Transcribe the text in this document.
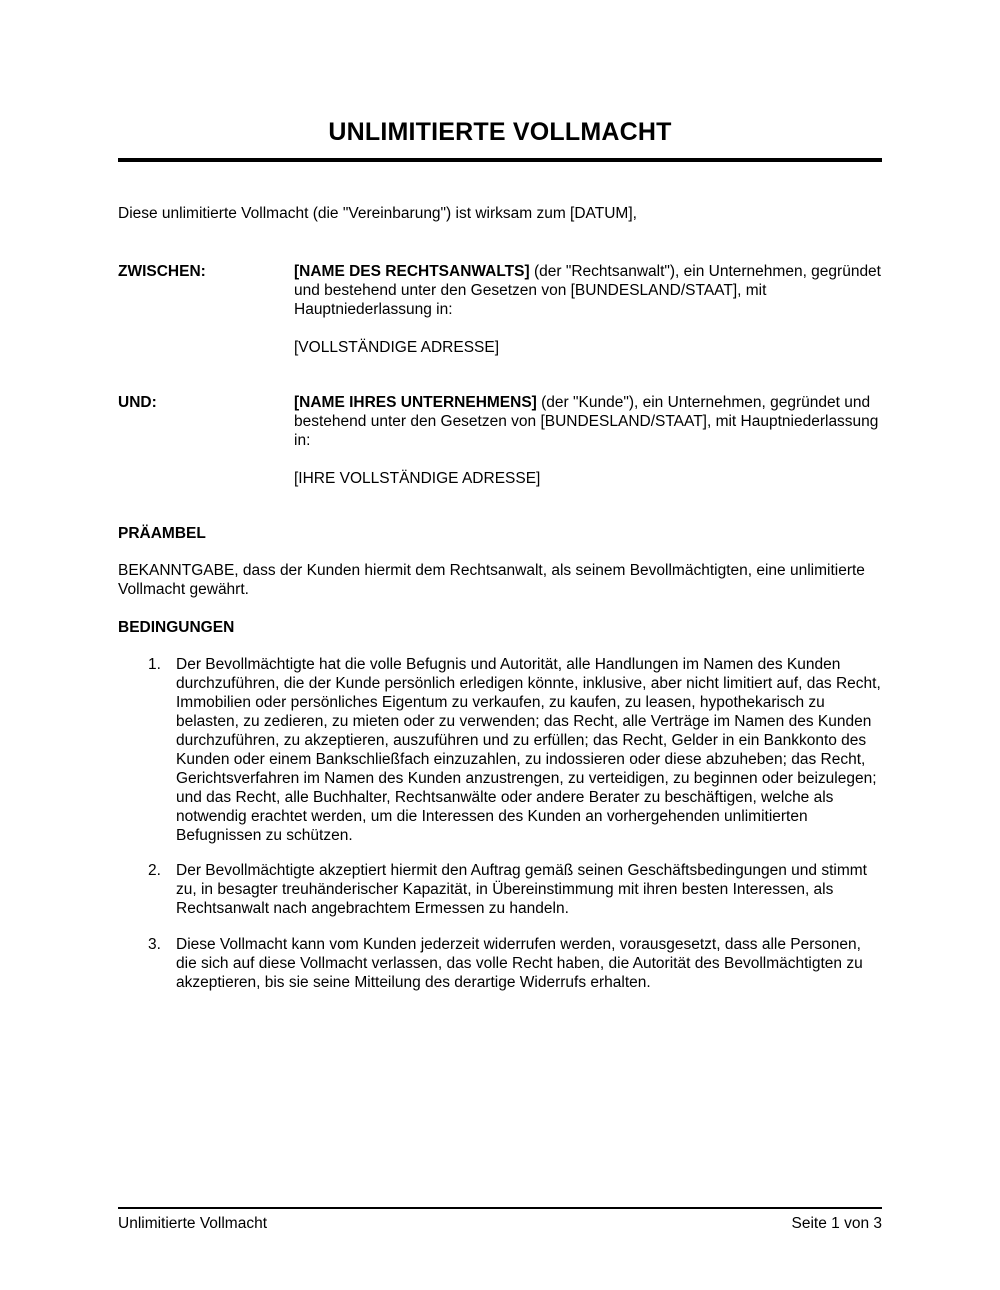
UNLIMITIERTE VOLLMACHT
Diese unlimitierte Vollmacht (die "Vereinbarung") ist wirksam zum [DATUM],
ZWISCHEN:	[NAME DES RECHTSANWALTS] (der "Rechtsanwalt"), ein Unternehmen, gegründet und bestehend unter den Gesetzen von [BUNDESLAND/STAAT], mit Hauptniederlassung in:

[VOLLSTÄNDIGE ADRESSE]

UND:	[NAME IHRES UNTERNEHMENS] (der "Kunde"), ein Unternehmen, gegründet und bestehend unter den Gesetzen von [BUNDESLAND/STAAT], mit Hauptniederlassung in:

[IHRE VOLLSTÄNDIGE ADRESSE]

PRÄAMBEL
BEKANNTGABE, dass der Kunden hiermit dem Rechtsanwalt, als seinem Bevollmächtigten, eine unlimitierte Vollmacht gewährt.
BEDINGUNGEN
1. Der Bevollmächtigte hat die volle Befugnis und Autorität, alle Handlungen im Namen des Kunden durchzuführen, die der Kunde persönlich erledigen könnte, inklusive, aber nicht limitiert auf, das Recht, Immobilien oder persönliches Eigentum zu verkaufen, zu kaufen, zu leasen, hypothekarisch zu belasten, zu zedieren, zu mieten oder zu verwenden; das Recht, alle Verträge im Namen des Kunden durchzuführen, zu akzeptieren, auszuführen und zu erfüllen; das Recht, Gelder in ein Bankkonto des Kunden oder einem Bankschließfach einzuzahlen, zu indossieren oder diese abzuheben; das Recht, Gerichtsverfahren im Namen des Kunden anzustrengen, zu verteidigen, zu beginnen oder beizulegen; und das Recht, alle Buchhalter, Rechtsanwälte oder andere Berater zu beschäftigen, welche als notwendig erachtet werden, um die Interessen des Kunden an vorhergehenden unlimitierten Befugnissen zu schützen.
2. Der Bevollmächtigte akzeptiert hiermit den Auftrag gemäß seinen Geschäftsbedingungen und stimmt zu, in besagter treuhänderischer Kapazität, in Übereinstimmung mit ihren besten Interessen, als Rechtsanwalt nach angebrachtem Ermessen zu handeln.
3. Diese Vollmacht kann vom Kunden jederzeit widerrufen werden, vorausgesetzt, dass alle Personen, die sich auf diese Vollmacht verlassen, das volle Recht haben, die Autorität des Bevollmächtigten zu akzeptieren, bis sie seine Mitteilung des derartige Widerrufs erhalten.
Unlimitierte Vollmacht	Seite 1 von 3
